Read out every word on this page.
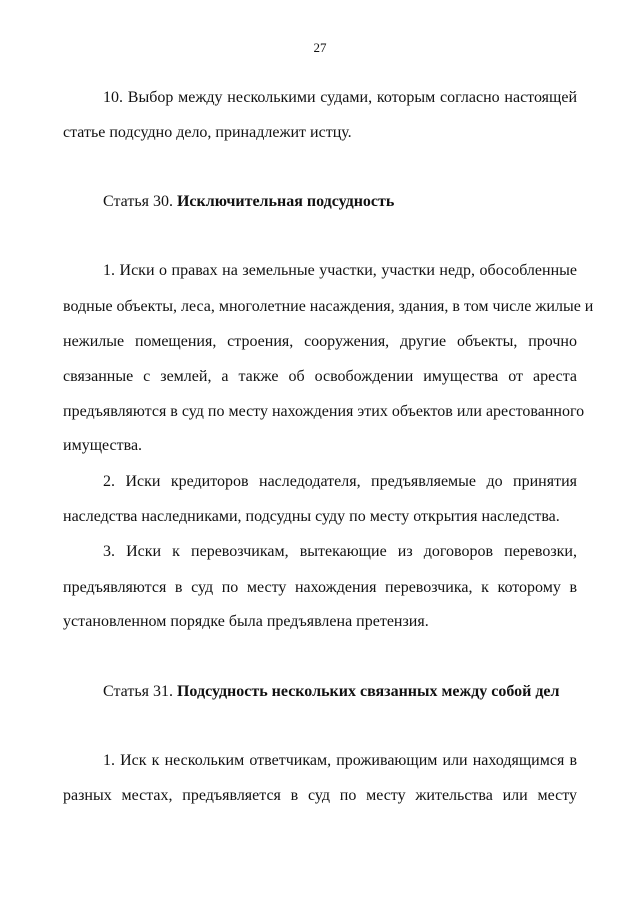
27
10. Выбор между несколькими судами, которым согласно настоящей
статье подсудно дело, принадлежит истцу.
Статья 30. Исключительная подсудность
1. Иски о правах на земельные участки, участки недр, обособленные
водные объекты, леса, многолетние насаждения, здания, в том числе жилые и
нежилые помещения, строения, сооружения, другие объекты, прочно
связанные с землей, а также об освобождении имущества от ареста
предъявляются в суд по месту нахождения этих объектов или арестованного
имущества.
2. Иски кредиторов наследодателя, предъявляемые до принятия
наследства наследниками, подсудны суду по месту открытия наследства.
3. Иски к перевозчикам, вытекающие из договоров перевозки,
предъявляются в суд по месту нахождения перевозчика, к которому в
установленном порядке была предъявлена претензия.
Статья 31. Подсудность нескольких связанных между собой дел
1. Иск к нескольким ответчикам, проживающим или находящимся в
разных местах, предъявляется в суд по месту жительства или месту
